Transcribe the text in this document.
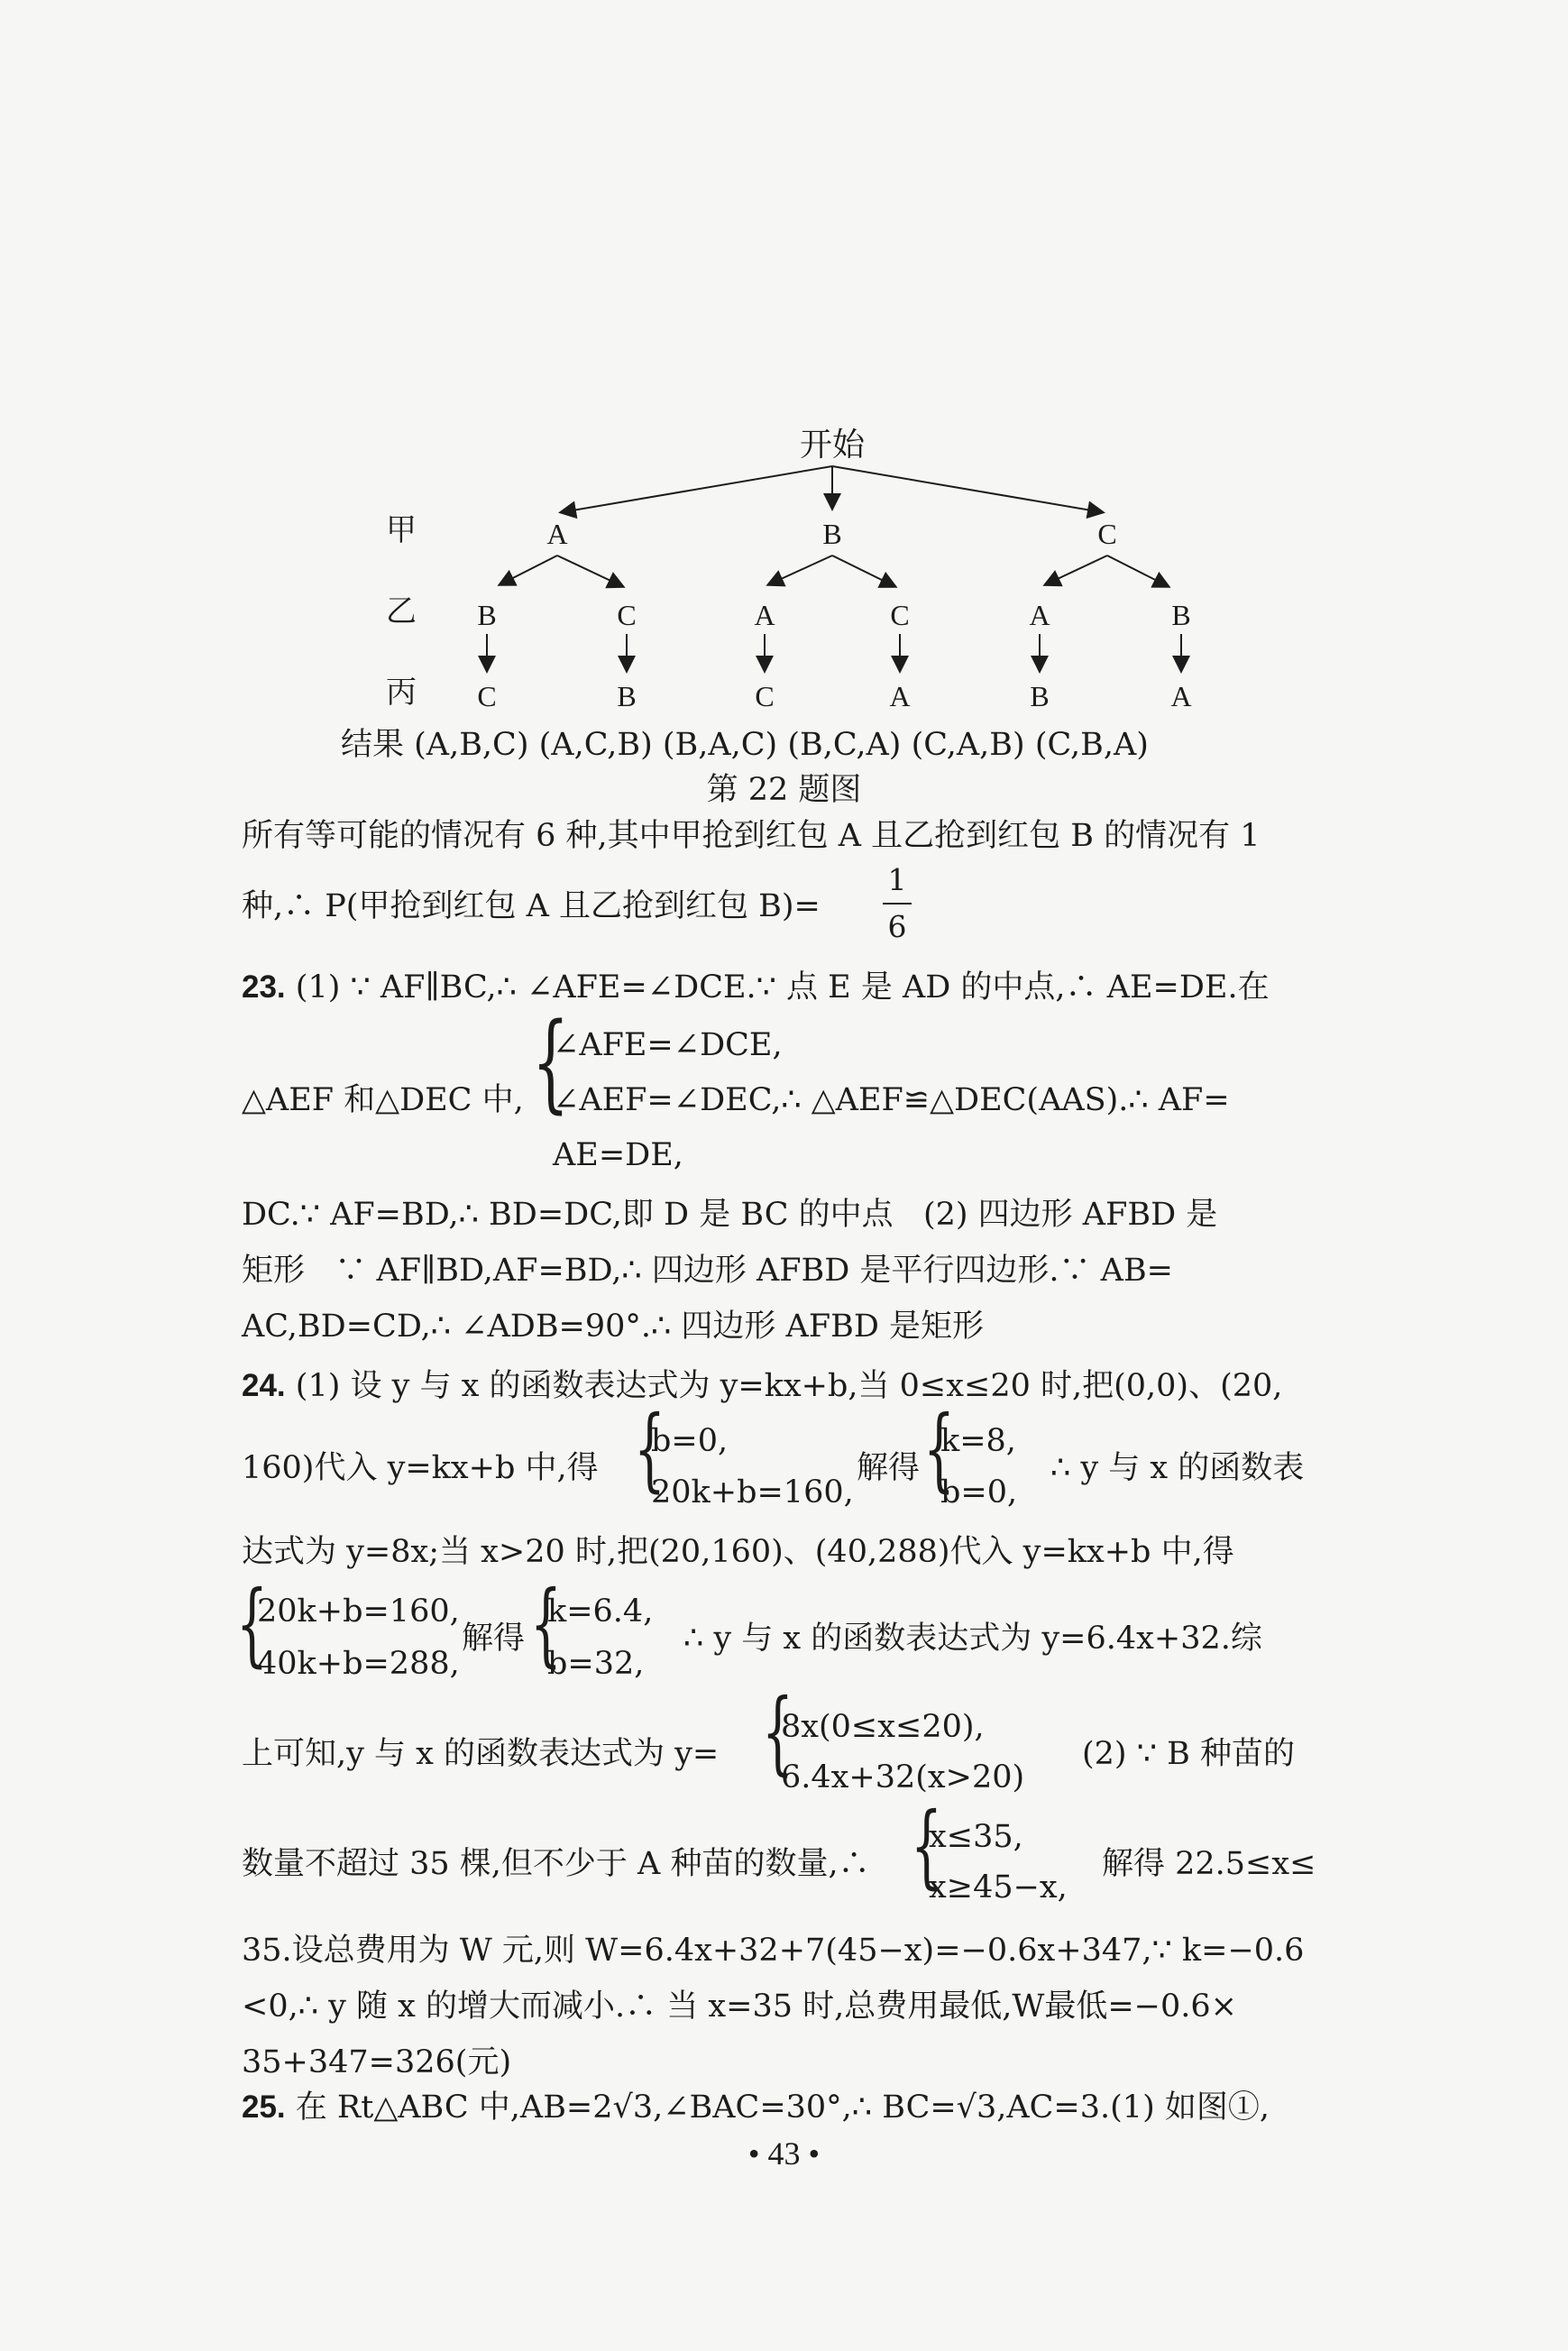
开始
甲
乙
丙
A	B	C
B	C	A	C	A	B
C	B	C	A	B	A
结果 (A,B,C) (A,C,B) (B,A,C) (B,C,A) (C,A,B) (C,B,A)
第 22 题图
所有等可能的情况有 6 种,其中甲抢到红包 A 且乙抢到红包 B 的情况有 1
种,∴ P(甲抢到红包 A 且乙抢到红包 B)=
1
6
23. (1) ∵ AF∥BC,∴ ∠AFE=∠DCE.∵ 点 E 是 AD 的中点,∴ AE=DE.在
∠AFE=∠DCE,
△AEF 和△DEC 中, {
∠AEF=∠DEC,∴ △AEF≌△DEC(AAS).∴ AF=
AE=DE,
DC.∵ AF=BD,∴ BD=DC,即 D 是 BC 的中点   (2) 四边形 AFBD 是
矩形   ∵ AF∥BD,AF=BD,∴ 四边形 AFBD 是平行四边形.∵ AB=
AC,BD=CD,∴ ∠ADB=90°.∴ 四边形 AFBD 是矩形
24. (1) 设 y 与 x 的函数表达式为 y=kx+b,当 0≤x≤20 时,把(0,0)、(20,
160)代入 y=kx+b 中,得 {
b=0,
20k+b=160,
解得 {
k=8,
b=0,
∴ y 与 x 的函数表
达式为 y=8x;当 x>20 时,把(20,160)、(40,288)代入 y=kx+b 中,得
{
20k+b=160,
40k+b=288,
解得 {
k=6.4,
b=32,
∴ y 与 x 的函数表达式为 y=6.4x+32.综
上可知,y 与 x 的函数表达式为 y= {
8x(0≤x≤20),
6.4x+32(x>20)
(2) ∵ B 种苗的
数量不超过 35 棵,但不少于 A 种苗的数量,∴ {
x≤35,
x≥45−x,
解得 22.5≤x≤
35.设总费用为 W 元,则 W=6.4x+32+7(45−x)=−0.6x+347,∵ k=−0.6
<0,∴ y 随 x 的增大而减小.∴ 当 x=35 时,总费用最低,W最低=−0.6×
35+347=326(元)
25. 在 Rt△ABC 中,AB=2√3,∠BAC=30°,∴ BC=√3,AC=3.(1) 如图①,
• 43 •
